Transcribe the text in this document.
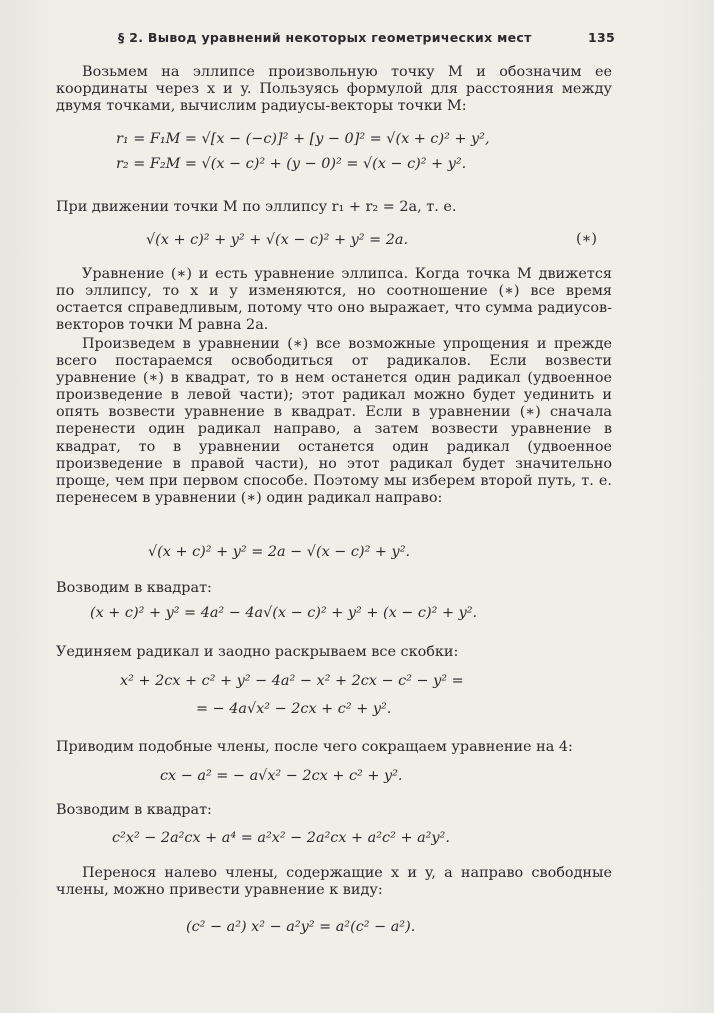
§ 2. Вывод уравнений некоторых геометрических мест	135

Возьмем на эллипсе произвольную точку M и обозначим ее координаты через x и y. Пользуясь формулой для расстояния между двумя точками, вычислим радиусы-векторы точки M:

r₁ = F₁M = √[x − (−c)]² + [y − 0]² = √(x + c)² + y²,
r₂ = F₂M = √(x − c)² + (y − 0)² = √(x − c)² + y².

При движении точки M по эллипсу r₁ + r₂ = 2a, т. е.

√(x + c)² + y² + √(x − c)² + y² = 2a.	(∗)

Уравнение (∗) и есть уравнение эллипса. Когда точка M движется по эллипсу, то x и y изменяются, но соотношение (∗) все время остается справедливым, потому что оно выражает, что сумма радиусов-векторов точки M равна 2a.

Произведем в уравнении (∗) все возможные упрощения и прежде всего постараемся освободиться от радикалов. Если возвести уравнение (∗) в квадрат, то в нем останется один радикал (удвоенное произведение в левой части); этот радикал можно будет уединить и опять возвести уравнение в квадрат. Если в уравнении (∗) сначала перенести один радикал направо, а затем возвести уравнение в квадрат, то в уравнении останется один радикал (удвоенное произведение в правой части), но этот радикал будет значительно проще, чем при первом способе. Поэтому мы изберем второй путь, т. е. перенесем в уравнении (∗) один радикал направо:

√(x + c)² + y² = 2a − √(x − c)² + y².

Возводим в квадрат:

(x + c)² + y² = 4a² − 4a√(x − c)² + y² + (x − c)² + y².

Уединяем радикал и заодно раскрываем все скобки:

x² + 2cx + c² + y² − 4a² − x² + 2cx − c² − y² =
= − 4a√x² − 2cx + c² + y².

Приводим подобные члены, после чего сокращаем уравнение на 4:

cx − a² = − a√x² − 2cx + c² + y².

Возводим в квадрат:

c²x² − 2a²cx + a⁴ = a²x² − 2a²cx + a²c² + a²y².

Перенося налево члены, содержащие x и y, а направо свободные члены, можно привести уравнение к виду:

(c² − a²) x² − a²y² = a²(c² − a²).
